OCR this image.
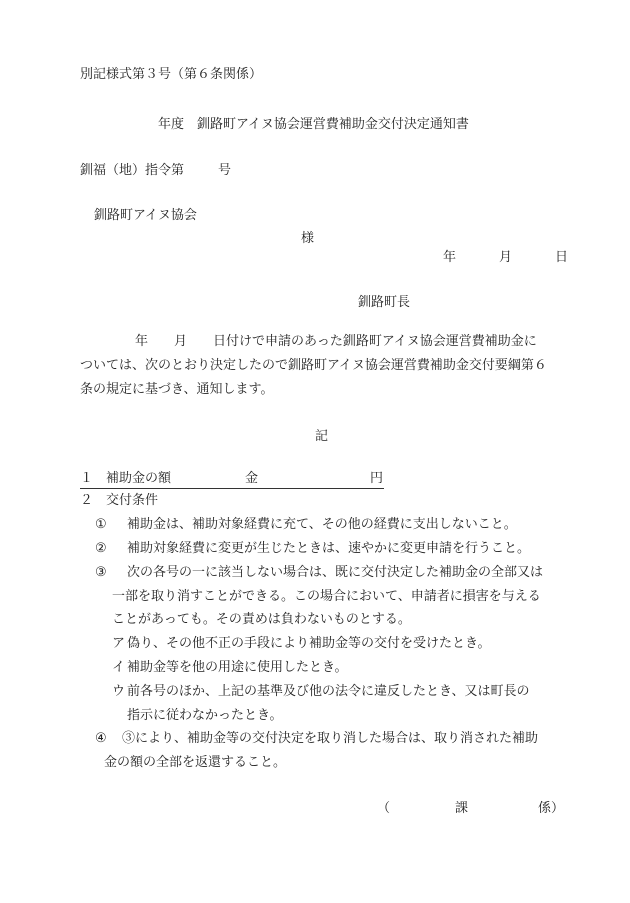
別記様式第３号（第６条関係）
年度　釧路町アイヌ協会運営費補助金交付決定通知書
釧福（地）指令第	号
釧路町アイヌ協会
様
年	月	日
釧路町長
年　　月　　日付けで申請のあった釧路町アイヌ協会運営費補助金に
ついては、次のとおり決定したので釧路町アイヌ協会運営費補助金交付要綱第６
条の規定に基づき、通知します。
記
１　補助金の額	金	円
２　交付条件
① 補助金は、補助対象経費に充て、その他の経費に支出しないこと。
② 補助対象経費に変更が生じたときは、速やかに変更申請を行うこと。
③ 次の各号の一に該当しない場合は、既に交付決定した補助金の全部又は
一部を取り消すことができる。この場合において、申請者に損害を与える
ことがあっても。その責めは負わないものとする。
ア 偽り、その他不正の手段により補助金等の交付を受けたとき。
イ 補助金等を他の用途に使用したとき。
ウ 前各号のほか、上記の基準及び他の法令に違反したとき、又は町長の
指示に従わなかったとき。
④ ③により、補助金等の交付決定を取り消した場合は、取り消された補助
金の額の全部を返還すること。
（	課	係）
